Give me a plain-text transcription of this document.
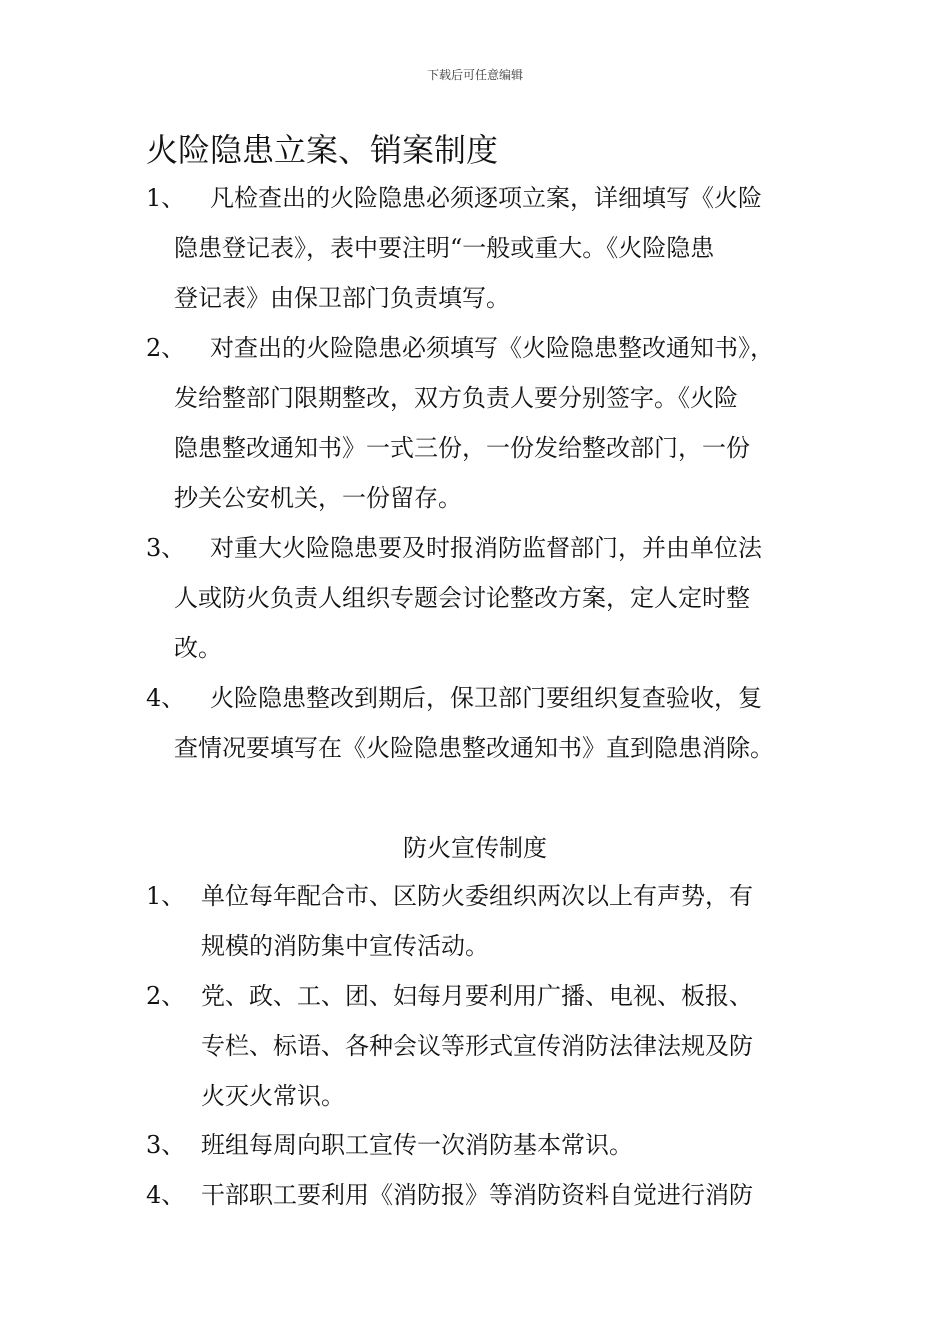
下载后可任意编辑
火险隐患立案、销案制度
1、	凡检查出的火险隐患必须逐项立案，详细填写《火险
隐患登记表》，表中要注明“一般或重大。《火险隐患
登记表》由保卫部门负责填写。
2、	对查出的火险隐患必须填写《火险隐患整改通知书》，
发给整部门限期整改，双方负责人要分别签字。《火险
隐患整改通知书》一式三份，一份发给整改部门，一份
抄关公安机关，一份留存。
3、	对重大火险隐患要及时报消防监督部门，并由单位法
人或防火负责人组织专题会讨论整改方案，定人定时整
改。
4、	火险隐患整改到期后，保卫部门要组织复查验收，复
查情况要填写在《火险隐患整改通知书》直到隐患消除。
防火宣传制度
1、 单位每年配合市、区防火委组织两次以上有声势，有
规模的消防集中宣传活动。
2、 党、政、工、团、妇每月要利用广播、电视、板报、
专栏、标语、各种会议等形式宣传消防法律法规及防
火灭火常识。
3、 班组每周向职工宣传一次消防基本常识。
4、 干部职工要利用《消防报》等消防资料自觉进行消防
